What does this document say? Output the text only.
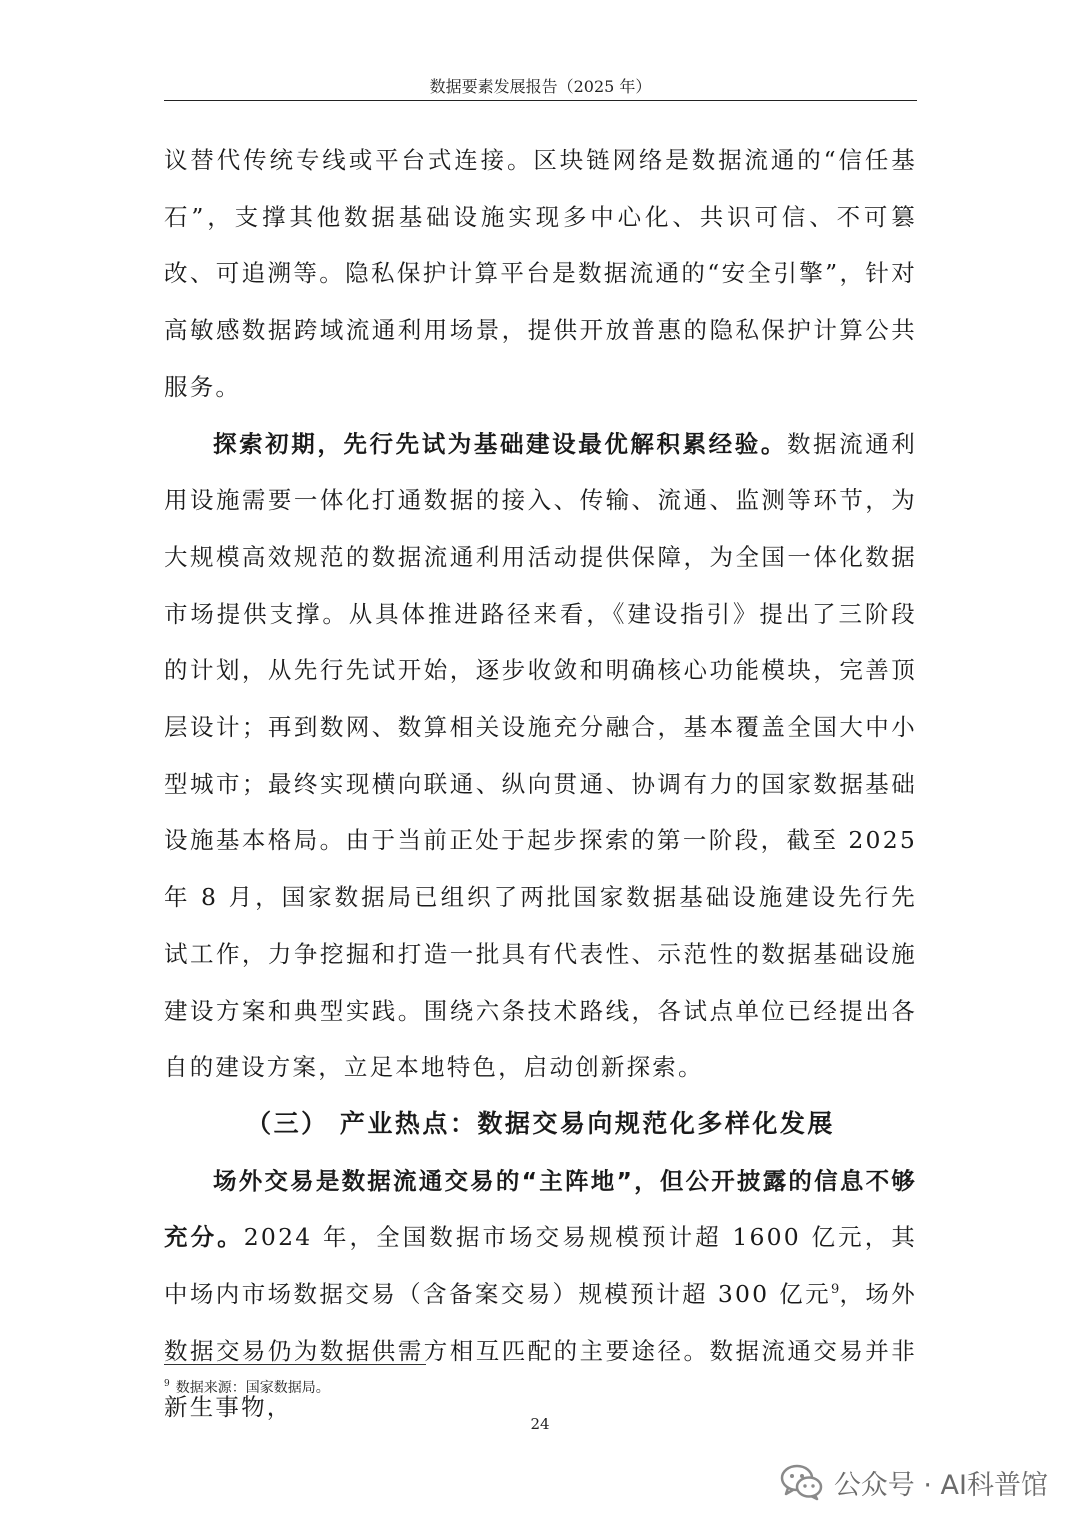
数据要素发展报告（2025 年）

议替代传统专线或平台式连接。区块链网络是数据流通的“信任基石”，支撑其他数据基础设施实现多中心化、共识可信、不可篡改、可追溯等。隐私保护计算平台是数据流通的“安全引擎”，针对高敏感数据跨域流通利用场景，提供开放普惠的隐私保护计算公共服务。

探索初期，先行先试为基础建设最优解积累经验。数据流通利用设施需要一体化打通数据的接入、传输、流通、监测等环节，为大规模高效规范的数据流通利用活动提供保障，为全国一体化数据市场提供支撑。从具体推进路径来看，《建设指引》提出了三阶段的计划，从先行先试开始，逐步收敛和明确核心功能模块，完善顶层设计；再到数网、数算相关设施充分融合，基本覆盖全国大中小型城市；最终实现横向联通、纵向贯通、协调有力的国家数据基础设施基本格局。由于当前正处于起步探索的第一阶段，截至 2025 年 8 月，国家数据局已组织了两批国家数据基础设施建设先行先试工作，力争挖掘和打造一批具有代表性、示范性的数据基础设施建设方案和典型实践。围绕六条技术路线，各试点单位已经提出各自的建设方案，立足本地特色，启动创新探索。

（三） 产业热点：数据交易向规范化多样化发展

场外交易是数据流通交易的“主阵地”，但公开披露的信息不够充分。2024 年，全国数据市场交易规模预计超 1600 亿元，其中场内市场数据交易（含备案交易）规模预计超 300 亿元$^9$，场外数据交易仍为数据供需方相互匹配的主要途径。数据流通交易并非新生事物，

$^9$ 数据来源：国家数据局。
24
公众号 · AI科普馆
